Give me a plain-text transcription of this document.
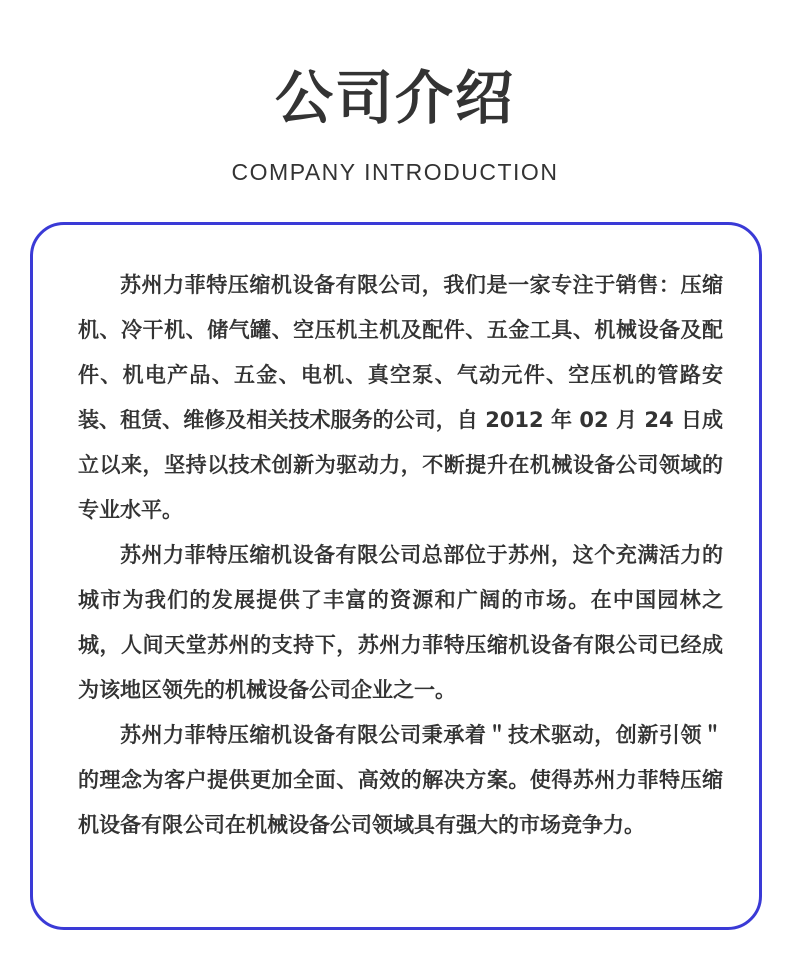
公司介绍
COMPANY INTRODUCTION

苏州力菲特压缩机设备有限公司，我们是一家专注于销售：压缩机、冷干机、储气罐、空压机主机及配件、五金工具、机械设备及配件、机电产品、五金、电机、真空泵、气动元件、空压机的管路安装、租赁、维修及相关技术服务的公司，自 2012 年 02 月 24 日成立以来，坚持以技术创新为驱动力，不断提升在机械设备公司领域的专业水平。

苏州力菲特压缩机设备有限公司总部位于苏州，这个充满活力的城市为我们的发展提供了丰富的资源和广阔的市场。在中国园林之城，人间天堂苏州的支持下，苏州力菲特压缩机设备有限公司已经成为该地区领先的机械设备公司企业之一。

苏州力菲特压缩机设备有限公司秉承着＂技术驱动，创新引领＂的理念为客户提供更加全面、高效的解决方案。使得苏州力菲特压缩机设备有限公司在机械设备公司领域具有强大的市场竞争力。
